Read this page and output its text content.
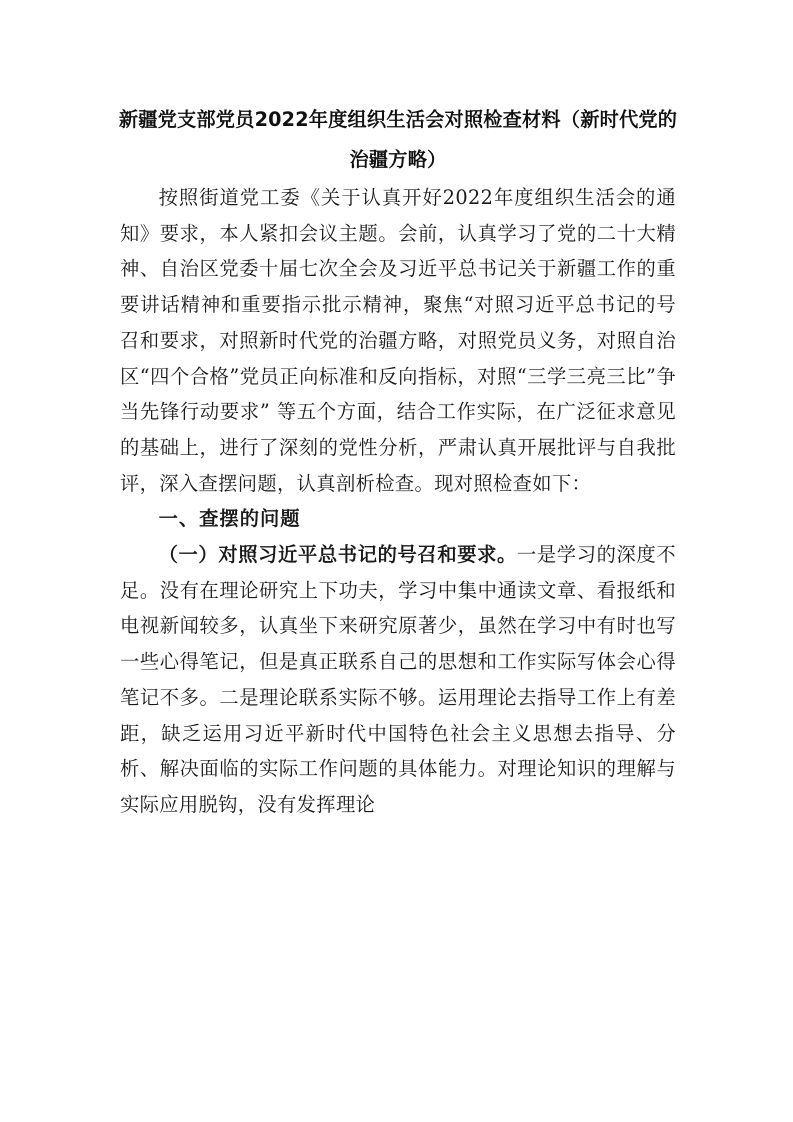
新疆党支部党员2022年度组织生活会对照检查材料（新时代党的治疆方略）

按照街道党工委《关于认真开好2022年度组织生活会的通知》要求，本人紧扣会议主题。会前，认真学习了党的二十大精神、自治区党委十届七次全会及习近平总书记关于新疆工作的重要讲话精神和重要指示批示精神，聚焦“对照习近平总书记的号召和要求，对照新时代党的治疆方略，对照党员义务，对照自治区“四个合格”党员正向标准和反向指标，对照“三学三亮三比”争当先锋行动要求” 等五个方面，结合工作实际，在广泛征求意见的基础上，进行了深刻的党性分析，严肃认真开展批评与自我批评，深入查摆问题，认真剖析检查。现对照检查如下：

一、查摆的问题

（一）对照习近平总书记的号召和要求。一是学习的深度不足。没有在理论研究上下功夫，学习中集中通读文章、看报纸和电视新闻较多，认真坐下来研究原著少，虽然在学习中有时也写一些心得笔记，但是真正联系自己的思想和工作实际写体会心得笔记不多。二是理论联系实际不够。运用理论去指导工作上有差距，缺乏运用习近平新时代中国特色社会主义思想去指导、分析、解决面临的实际工作问题的具体能力。对理论知识的理解与实际应用脱钩，没有发挥理论
